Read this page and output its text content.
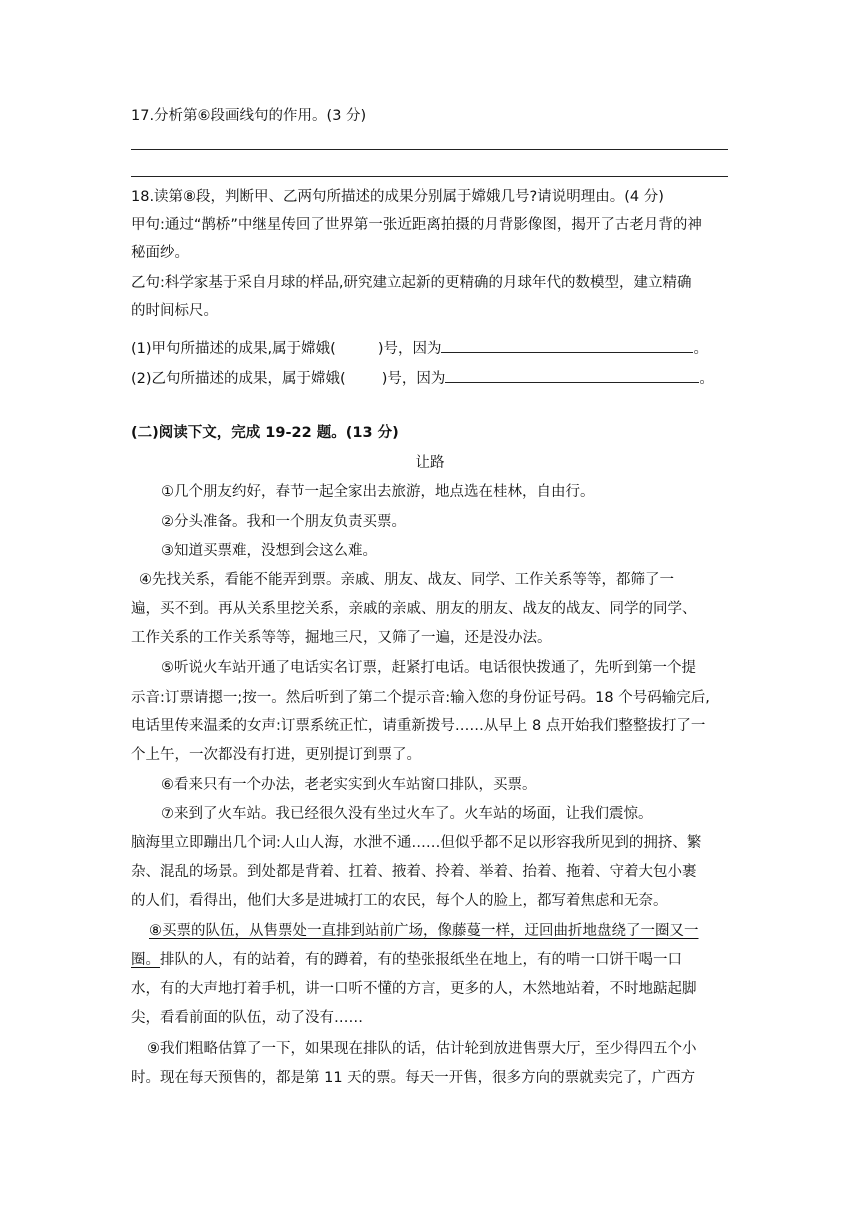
17.分析第⑥段画线句的作用。(3 分)
18.读第⑧段，判断甲、乙两句所描述的成果分别属于嫦娥几号?请说明理由。(4 分)
甲句:通过“鹊桥”中继星传回了世界第一张近距离拍摄的月背影像图，揭开了古老月背的神
秘面纱。
乙句:科学家基于采自月球的样品,研究建立起新的更精确的月球年代的数模型，建立精确
的时间标尺。
(1)甲句所描述的成果,属于嫦娥(	)号，因为	。
(2)乙句所描述的成果，属于嫦娥( )号，因为	。
(二)阅读下文，完成 19-22 题。(13 分)
让路
①几个朋友约好，春节一起全家出去旅游，地点选在桂林，自由行。
②分头准备。我和一个朋友负责买票。
③知道买票难，没想到会这么难。
④先找关系，看能不能弄到票。亲戚、朋友、战友、同学、工作关系等等，都筛了一
遍，买不到。再从关系里挖关系，亲戚的亲戚、朋友的朋友、战友的战友、同学的同学、
工作关系的工作关系等等，掘地三尺，又筛了一遍，还是没办法。
⑤听说火车站开通了电话实名订票，赶紧打电话。电话很快拨通了，先听到第一个提
示音:订票请摁一;按一。然后听到了第二个提示音:输入您的身份证号码。18 个号码输完后,
电话里传来温柔的女声:订票系统正忙，请重新拨号……从早上 8 点开始我们整整拔打了一
个上午，一次都没有打进，更别提订到票了。
⑥看来只有一个办法，老老实实到火车站窗口排队，买票。
⑦来到了火车站。我已经很久没有坐过火车了。火车站的场面，让我们震惊。
脑海里立即蹦出几个词:人山人海，水泄不通……但似乎都不足以形容我所见到的拥挤、繁
杂、混乱的场景。到处都是背着、扛着、掖着、拎着、举着、抬着、拖着、守着大包小裹
的人们，看得出，他们大多是进城打工的农民，每个人的脸上，都写着焦虑和无奈。
⑧买票的队伍，从售票处一直排到站前广场，像藤蔓一样，迂回曲折地盘绕了一圈又一
圈。排队的人，有的站着，有的蹲着，有的垫张报纸坐在地上，有的啃一口饼干喝一口
水，有的大声地打着手机，讲一口听不懂的方言，更多的人，木然地站着，不时地踮起脚
尖，看看前面的队伍，动了没有……
⑨我们粗略估算了一下，如果现在排队的话，估计轮到放进售票大厅，至少得四五个小
时。现在每天预售的，都是第 11 天的票。每天一开售，很多方向的票就卖完了，广西方
